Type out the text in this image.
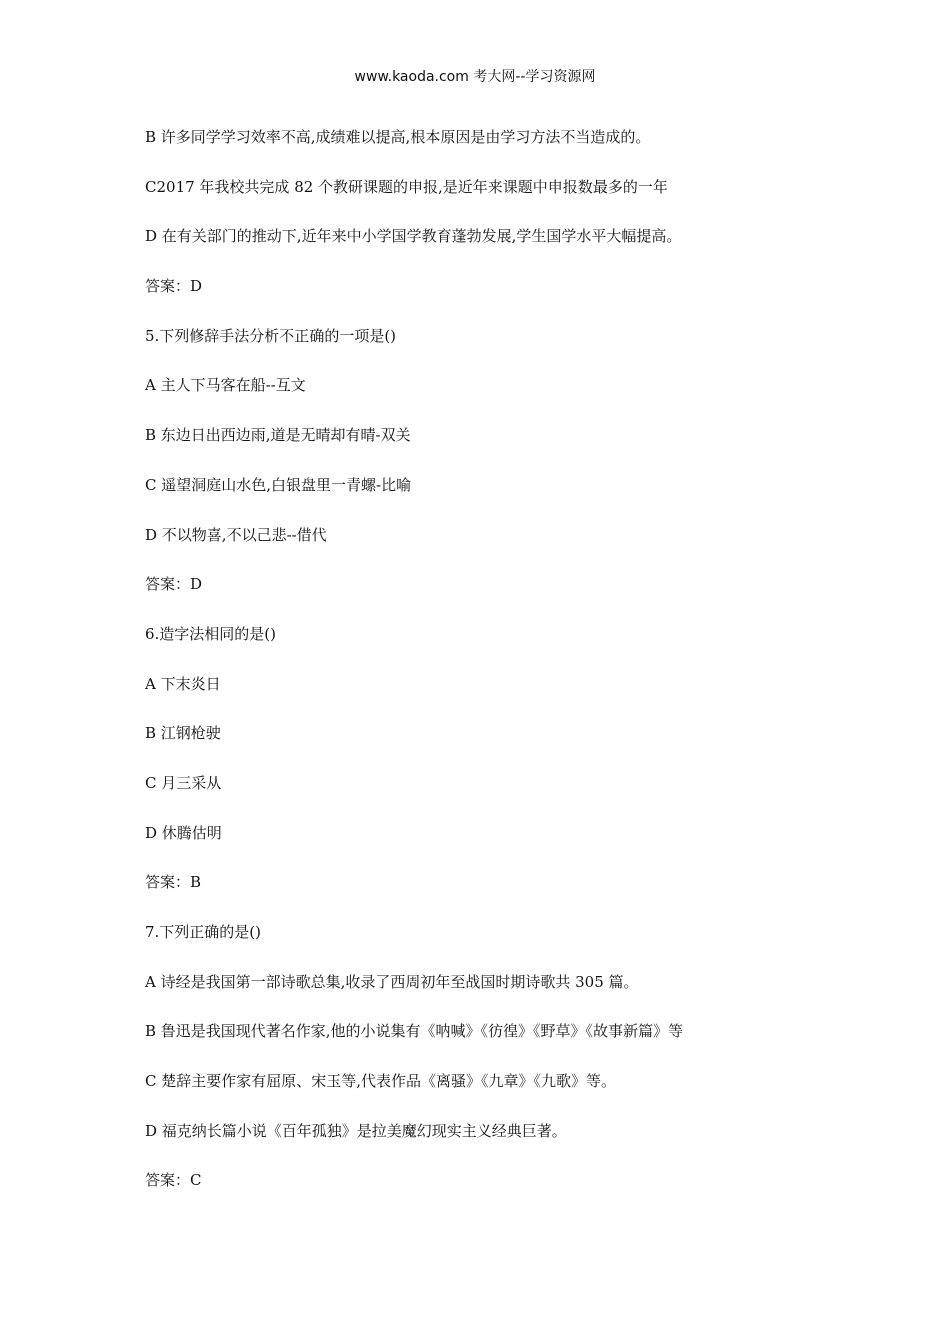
www.kaoda.com 考大网--学习资源网
B 许多同学学习效率不高,成绩难以提高,根本原因是由学习方法不当造成的。
C2017 年我校共完成 82 个教研课题的申报,是近年来课题中申报数最多的一年
D 在有关部门的推动下,近年来中小学国学教育蓬勃发展,学生国学水平大幅提高。
答案：D
5.下列修辞手法分析不正确的一项是()
A 主人下马客在船--互文
B 东边日出西边雨,道是无晴却有晴-双关
C 遥望洞庭山水色,白银盘里一青螺-比喻
D 不以物喜,不以己悲--借代
答案：D
6.造字法相同的是()
A 下末炎日
B 江钢枪驶
C 月三采从
D 休腾估明
答案：B
7.下列正确的是()
A 诗经是我国第一部诗歌总集,收录了西周初年至战国时期诗歌共 305 篇。
B 鲁迅是我国现代著名作家,他的小说集有《呐喊》《彷徨》《野草》《故事新篇》等
C 楚辞主要作家有屈原、宋玉等,代表作品《离骚》《九章》《九歌》等。
D 福克纳长篇小说《百年孤独》是拉美魔幻现实主义经典巨著。
答案：C
